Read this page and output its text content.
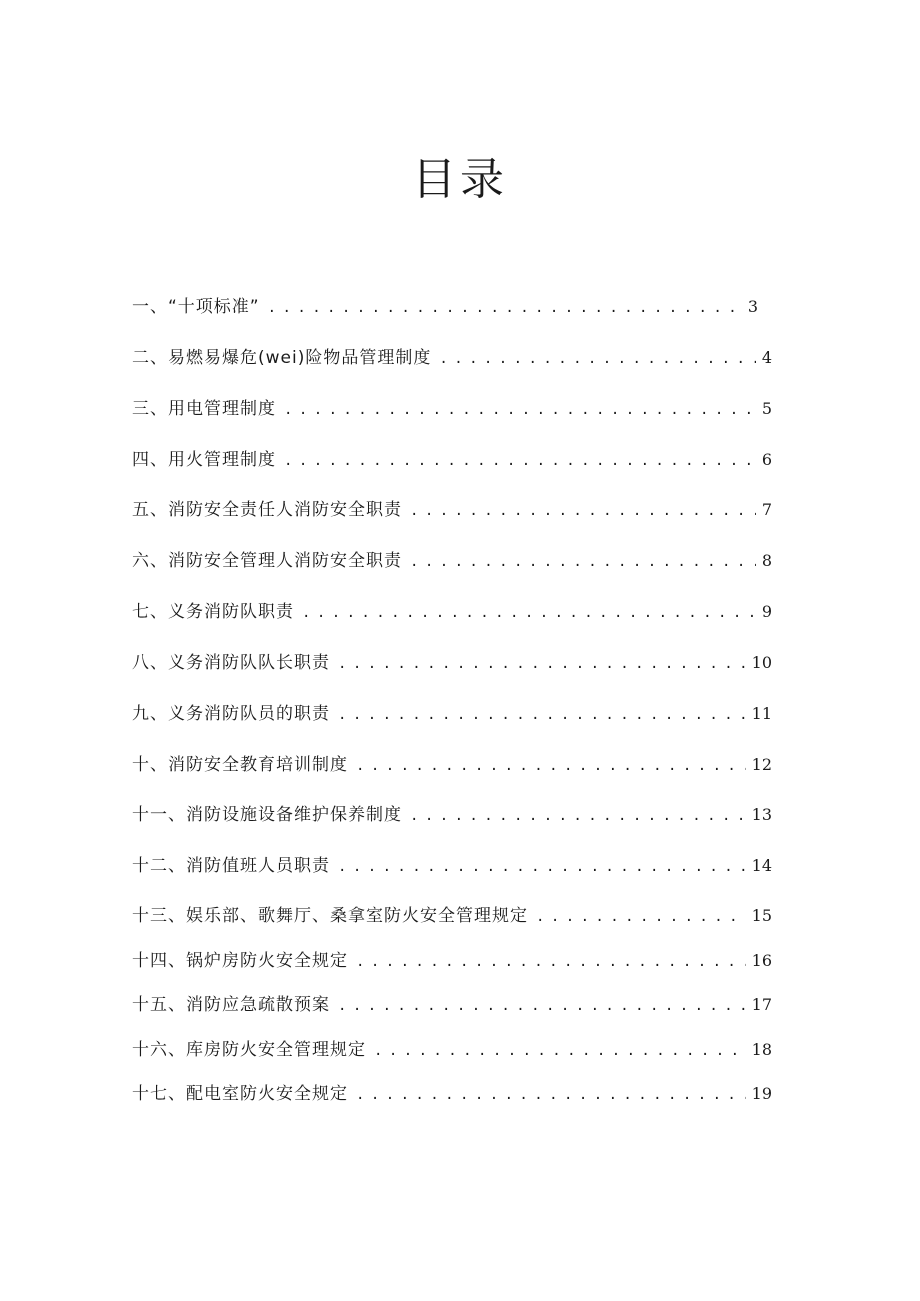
目录
一、“十项标准” . . .	3
二、易燃易爆危(wei)险物品管理制度 . . .	4
三、用电管理制度 . . .	5
四、用火管理制度 . . .	6
五、消防安全责任人消防安全职责 . . .	7
六、消防安全管理人消防安全职责 . . .	8
七、义务消防队职责 . . .	9
八、义务消防队队长职责 . . .	10
九、义务消防队员的职责 . . .	11
十、消防安全教育培训制度 . . .	12
十一、消防设施设备维护保养制度 . . .	13
十二、消防值班人员职责 . . .	14
十三、娱乐部、歌舞厅、桑拿室防火安全管理规定 . . .	15
十四、锅炉房防火安全规定 . . .	16
十五、消防应急疏散预案 . . .	17
十六、库房防火安全管理规定 . . .	18
十七、配电室防火安全规定 . . .	19
